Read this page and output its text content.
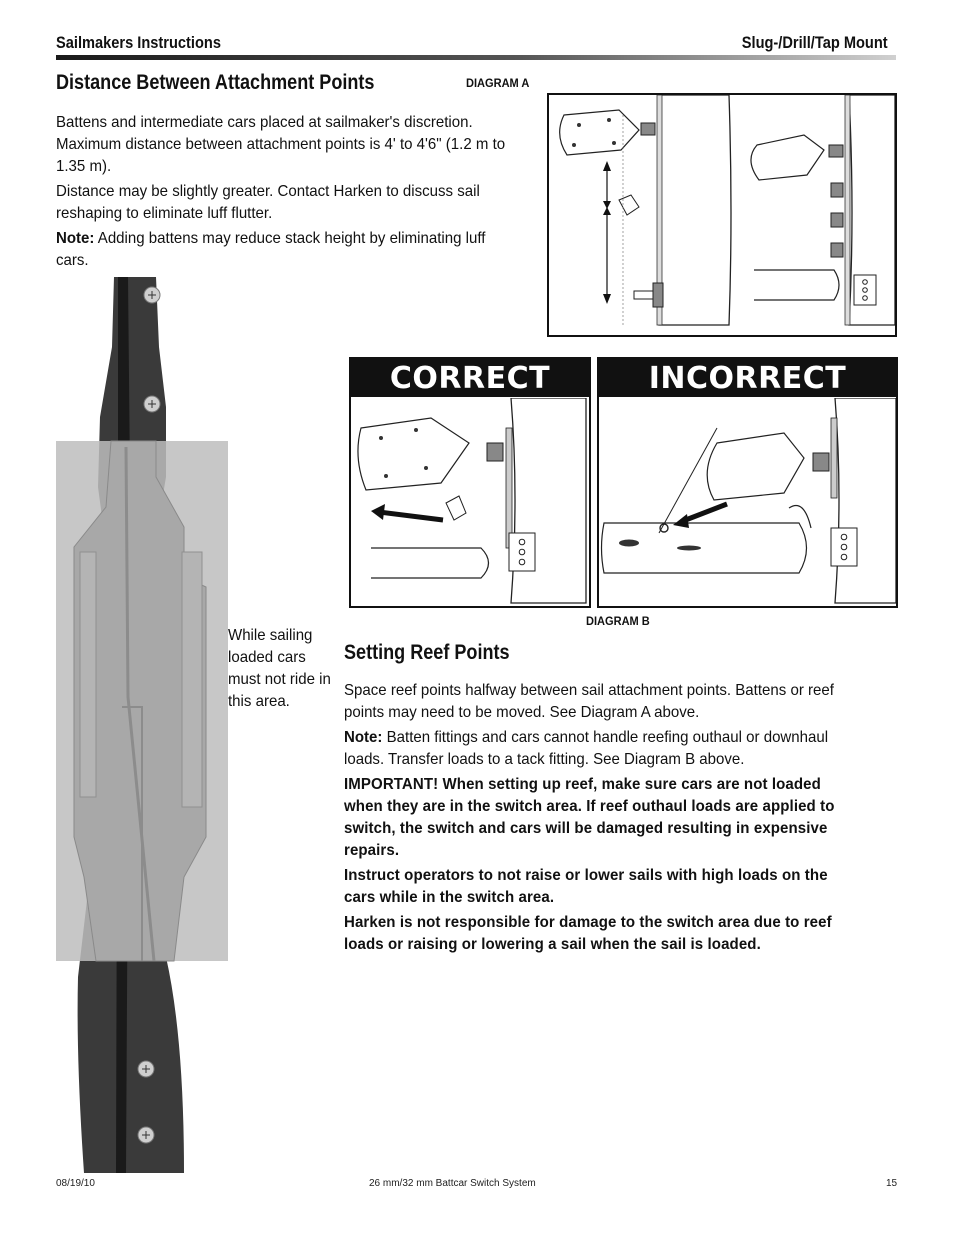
Sailmakers Instructions	Slug-/Drill/Tap Mount
Distance Between Attachment Points

Battens and intermediate cars placed at sailmaker's discretion. Maximum distance between attachment points is 4' to 4'6" (1.2 m to 1.35 m).

Distance may be slightly greater. Contact Harken to discuss sail reshaping to eliminate luff flutter.

Note: Adding battens may reduce stack height by eliminating luff cars.

DIAGRAM A
CORRECT	INCORRECT
DIAGRAM B

While sailing loaded cars must not ride in this area.

Setting Reef Points

Space reef points halfway between sail attachment points. Battens or reef points may need to be moved. See Diagram A above.

Note: Batten fittings and cars cannot handle reefing outhaul or downhaul loads. Transfer loads to a tack fitting. See Diagram B above.

IMPORTANT! When setting up reef, make sure cars are not loaded when they are in the switch area. If reef outhaul loads are applied to switch, the switch and cars will be damaged resulting in expensive repairs.

Instruct operators to not raise or lower sails with high loads on the cars while in the switch area.

Harken is not responsible for damage to the switch area due to reef loads or raising or lowering a sail when the sail is loaded.

08/19/10	26 mm/32 mm Battcar Switch System	15
